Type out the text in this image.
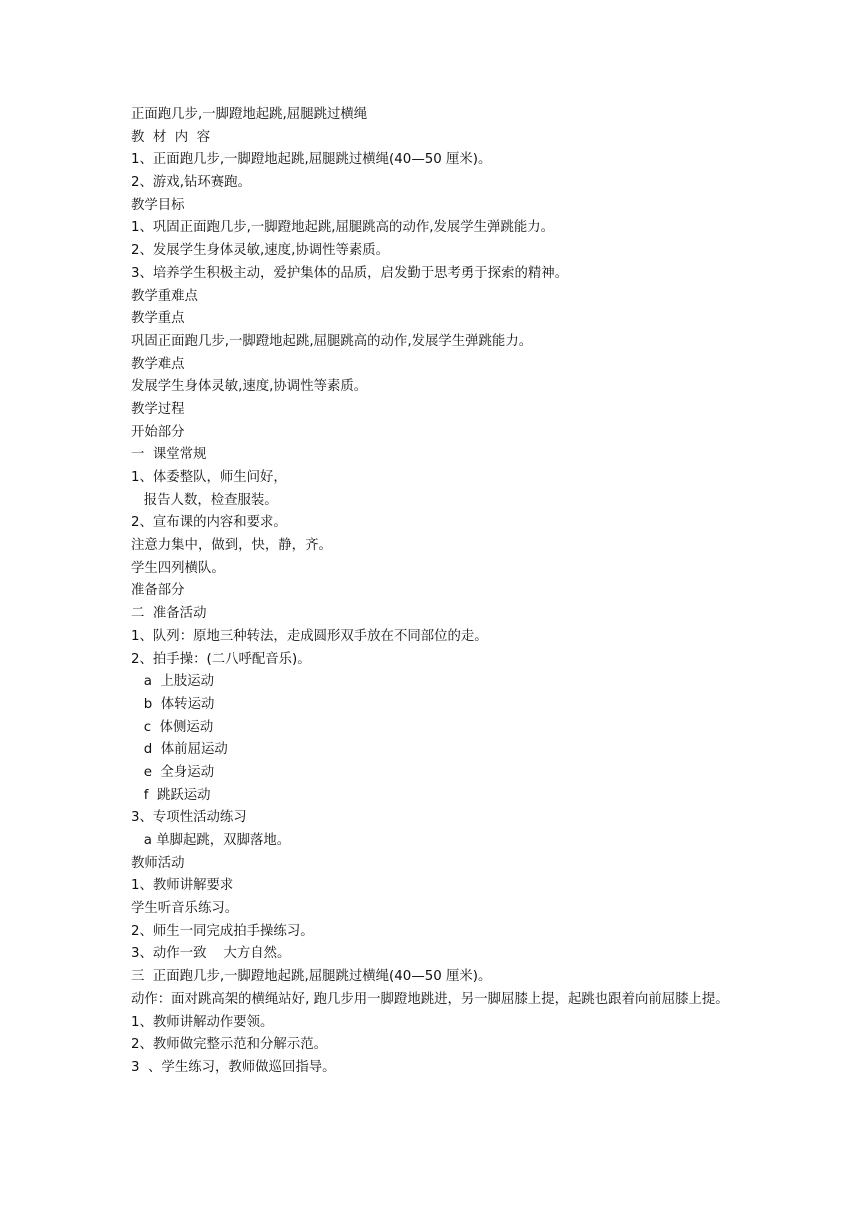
正面跑几步,一脚蹬地起跳,屈腿跳过横绳
教  材  内  容
1、正面跑几步,一脚蹬地起跳,屈腿跳过横绳(40—50 厘米)。
2、游戏,钻环赛跑。
教学目标
1、巩固正面跑几步,一脚蹬地起跳,屈腿跳高的动作,发展学生弹跳能力。
2、发展学生身体灵敏,速度,协调性等素质。
3、培养学生积极主动，爱护集体的品质，启发勤于思考勇于探索的精神。
教学重难点
教学重点
巩固正面跑几步,一脚蹬地起跳,屈腿跳高的动作,发展学生弹跳能力。
教学难点
发展学生身体灵敏,速度,协调性等素质。
教学过程
开始部分
一  课堂常规
1、体委整队，师生问好，
报告人数，检查服装。
2、宣布课的内容和要求。
注意力集中，做到，快，静，齐。
学生四列横队。
准备部分
二  准备活动
1、队列：原地三种转法，走成圆形双手放在不同部位的走。
2、拍手操：(二八呼配音乐)。
a  上肢运动
b  体转运动
c  体侧运动
d  体前屈运动
e  全身运动
f  跳跃运动
3、专项性活动练习
a 单脚起跳，双脚落地。
教师活动
1、教师讲解要求
学生听音乐练习。
2、师生一同完成拍手操练习。
3、动作一致    大方自然。
三  正面跑几步,一脚蹬地起跳,屈腿跳过横绳(40—50 厘米)。
动作：面对跳高架的横绳站好, 跑几步用一脚蹬地跳进，另一脚屈膝上提，起跳也跟着向前屈膝上提。
1、教师讲解动作要领。
2、教师做完整示范和分解示范。
3  、学生练习，教师做巡回指导。
